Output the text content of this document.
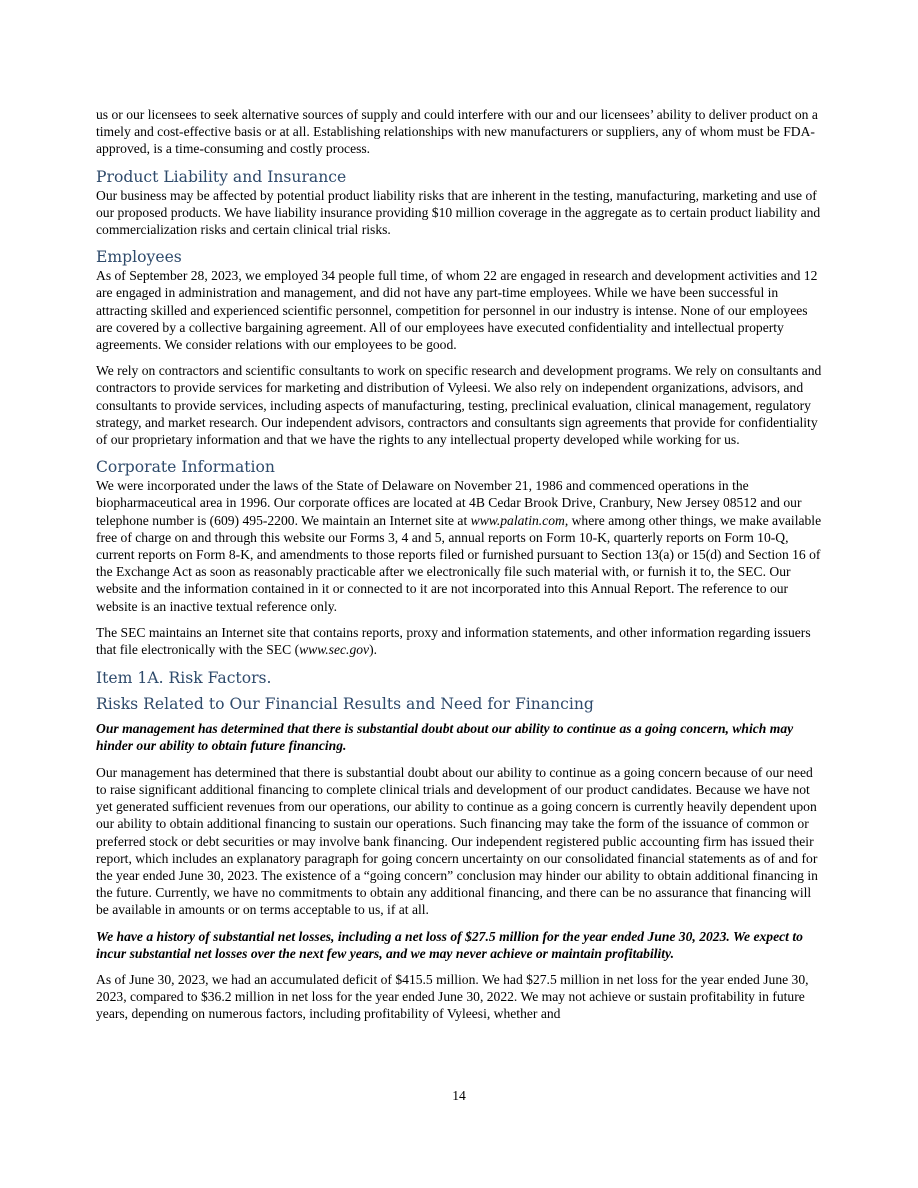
us or our licensees to seek alternative sources of supply and could interfere with our and our licensees’ ability to deliver product on a timely and cost-effective basis or at all. Establishing relationships with new manufacturers or suppliers, any of whom must be FDA-approved, is a time-consuming and costly process.

Product Liability and Insurance

Our business may be affected by potential product liability risks that are inherent in the testing, manufacturing, marketing and use of our proposed products. We have liability insurance providing $10 million coverage in the aggregate as to certain product liability and commercialization risks and certain clinical trial risks.

Employees

As of September 28, 2023, we employed 34 people full time, of whom 22 are engaged in research and development activities and 12 are engaged in administration and management, and did not have any part-time employees. While we have been successful in attracting skilled and experienced scientific personnel, competition for personnel in our industry is intense. None of our employees are covered by a collective bargaining agreement. All of our employees have executed confidentiality and intellectual property agreements. We consider relations with our employees to be good.

We rely on contractors and scientific consultants to work on specific research and development programs. We rely on consultants and contractors to provide services for marketing and distribution of Vyleesi. We also rely on independent organizations, advisors, and consultants to provide services, including aspects of manufacturing, testing, preclinical evaluation, clinical management, regulatory strategy, and market research. Our independent advisors, contractors and consultants sign agreements that provide for confidentiality of our proprietary information and that we have the rights to any intellectual property developed while working for us.

Corporate Information

We were incorporated under the laws of the State of Delaware on November 21, 1986 and commenced operations in the biopharmaceutical area in 1996. Our corporate offices are located at 4B Cedar Brook Drive, Cranbury, New Jersey 08512 and our telephone number is (609) 495-2200. We maintain an Internet site at www.palatin.com, where among other things, we make available free of charge on and through this website our Forms 3, 4 and 5, annual reports on Form 10-K, quarterly reports on Form 10-Q, current reports on Form 8-K, and amendments to those reports filed or furnished pursuant to Section 13(a) or 15(d) and Section 16 of the Exchange Act as soon as reasonably practicable after we electronically file such material with, or furnish it to, the SEC. Our website and the information contained in it or connected to it are not incorporated into this Annual Report. The reference to our website is an inactive textual reference only.

The SEC maintains an Internet site that contains reports, proxy and information statements, and other information regarding issuers that file electronically with the SEC (www.sec.gov).

Item 1A. Risk Factors.
Risks Related to Our Financial Results and Need for Financing

Our management has determined that there is substantial doubt about our ability to continue as a going concern, which may hinder our ability to obtain future financing.

Our management has determined that there is substantial doubt about our ability to continue as a going concern because of our need to raise significant additional financing to complete clinical trials and development of our product candidates. Because we have not yet generated sufficient revenues from our operations, our ability to continue as a going concern is currently heavily dependent upon our ability to obtain additional financing to sustain our operations. Such financing may take the form of the issuance of common or preferred stock or debt securities or may involve bank financing. Our independent registered public accounting firm has issued their report, which includes an explanatory paragraph for going concern uncertainty on our consolidated financial statements as of and for the year ended June 30, 2023. The existence of a “going concern” conclusion may hinder our ability to obtain additional financing in the future. Currently, we have no commitments to obtain any additional financing, and there can be no assurance that financing will be available in amounts or on terms acceptable to us, if at all.

We have a history of substantial net losses, including a net loss of $27.5 million for the year ended June 30, 2023. We expect to incur substantial net losses over the next few years, and we may never achieve or maintain profitability.

As of June 30, 2023, we had an accumulated deficit of $415.5 million. We had $27.5 million in net loss for the year ended June 30, 2023, compared to $36.2 million in net loss for the year ended June 30, 2022. We may not achieve or sustain profitability in future years, depending on numerous factors, including profitability of Vyleesi, whether and

14
